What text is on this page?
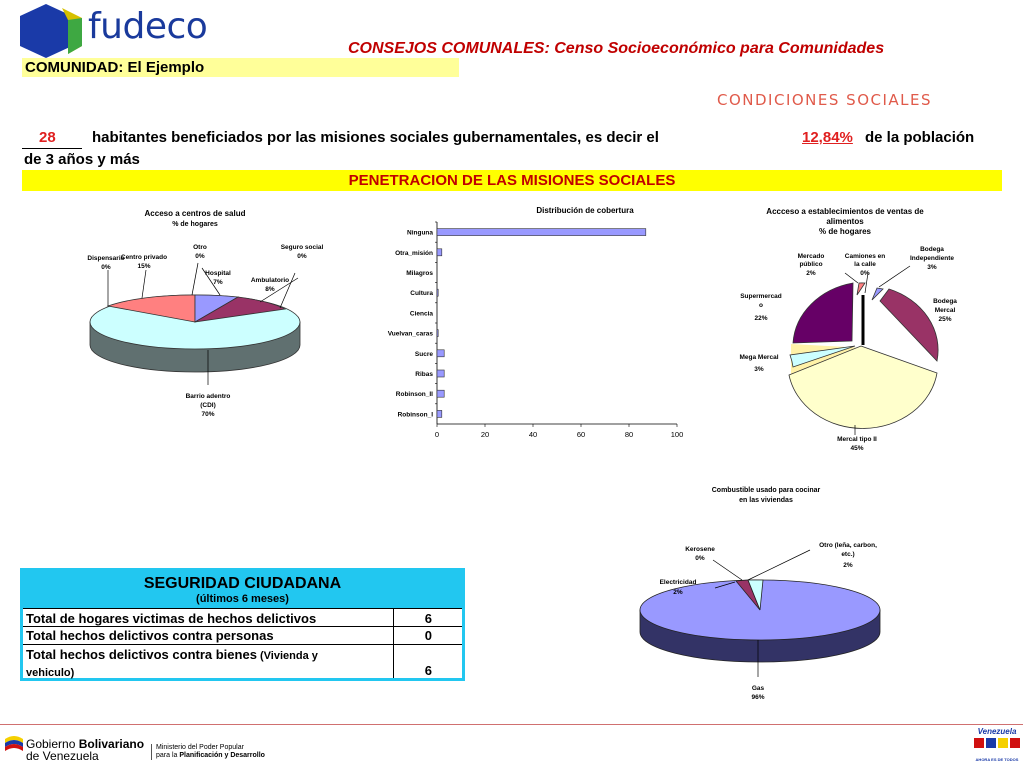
fudeco
CONSEJOS COMUNALES: Censo Socioeconómico para Comunidades
COMUNIDAD: El Ejemplo
CONDICIONES SOCIALES
28 habitantes beneficiados por las misiones sociales gubernamentales, es decir el	12,84% de la población
de 3 años y más
PENETRACION DE LAS MISIONES SOCIALES
Acceso a centros de salud
% de hogares
Dispensario
0%
Centro privado
15%
Otro
0%
Hospital
7%
Seguro social
0%
Ambulatorio
8%
Barrio adentro
(CDI)
70%
Distribución de cobertura
Ninguna
Otra_misión
Milagros
Cultura
Ciencia
Vuelvan_caras
Sucre
Ribas
Robinson_II
Robinson_I
0	20	40	60	80	100
Accceso a establecimientos de ventas de
alimentos
% de hogares
Mercado
público
2%
Camiones en
la calle
0%
Bodega
Independiente
3%
Bodega
Mercal
25%
Supermercad
o
22%
Mega Mercal
3%
Mercal tipo II
45%
Combustible usado para cocinar
en las viviendas
Kerosene
0%
Otro (leña, carbon,
etc.)
2%
Electricidad
2%
Gas
96%
SEGURIDAD CIUDADANA
(últimos 6 meses)
Total de hogares victimas de hechos delictivos	6
Total hechos delictivos contra personas	0
Total hechos delictivos contra bienes (Vivienda y
vehiculo)	6
Gobierno Bolivariano
de Venezuela
Ministerio del Poder Popular
para la Planificación y Desarrollo
Venezuela
AHORA ES DE TODOS
